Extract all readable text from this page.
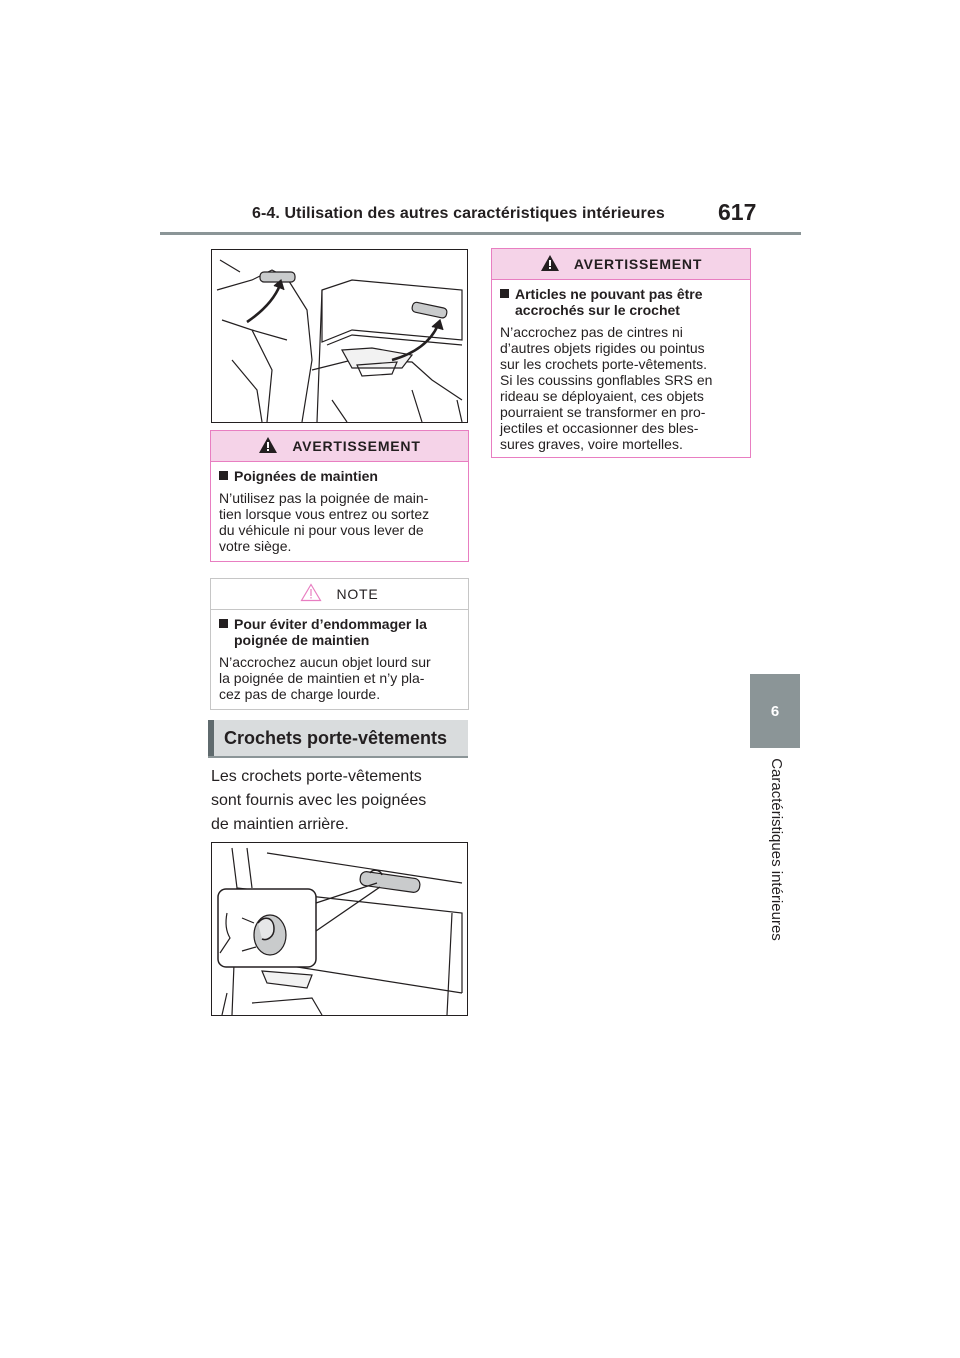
6-4. Utilisation des autres caractéristiques intérieures 617
6
Caractéristiques intérieures
AVERTISSEMENT
Poignées de maintien
N’utilisez pas la poignée de main-
tien lorsque vous entrez ou sortez
du véhicule ni pour vous lever de
votre siège.
NOTE
Pour éviter d’endommager la poignée de maintien
N’accrochez aucun objet lourd sur
la poignée de maintien et n’y pla-
cez pas de charge lourde.
Crochets porte-vêtements
Les crochets porte-vêtements
sont fournis avec les poignées
de maintien arrière.
AVERTISSEMENT
Articles ne pouvant pas être accrochés sur le crochet
N’accrochez pas de cintres ni
d’autres objets rigides ou pointus
sur les crochets porte-vêtements.
Si les coussins gonflables SRS en
rideau se déployaient, ces objets
pourraient se transformer en pro-
jectiles et occasionner des bles-
sures graves, voire mortelles.
